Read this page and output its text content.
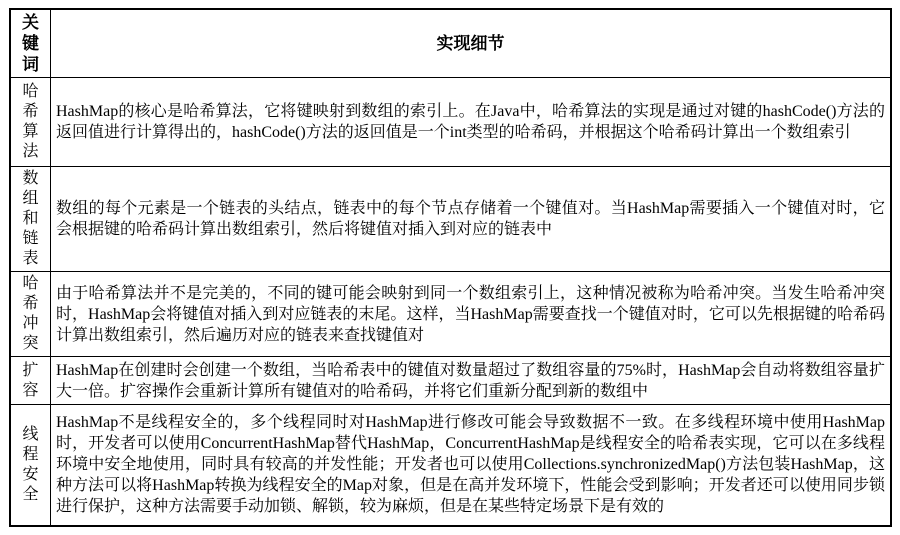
关键词	实现细节
哈希算法	HashMap的核心是哈希算法，它将键映射到数组的索引上。在Java中，哈希算法的实现是通过对键的hashCode()方法的返回值进行计算得出的，hashCode()方法的返回值是一个int类型的哈希码，并根据这个哈希码计算出一个数组索引
数组和链表	数组的每个元素是一个链表的头结点，链表中的每个节点存储着一个键值对。当HashMap需要插入一个键值对时，它会根据键的哈希码计算出数组索引，然后将键值对插入到对应的链表中
哈希冲突	由于哈希算法并不是完美的，不同的键可能会映射到同一个数组索引上，这种情况被称为哈希冲突。当发生哈希冲突时，HashMap会将键值对插入到对应链表的末尾。这样，当HashMap需要查找一个键值对时，它可以先根据键的哈希码计算出数组索引，然后遍历对应的链表来查找键值对
扩容	HashMap在创建时会创建一个数组，当哈希表中的键值对数量超过了数组容量的75%时，HashMap会自动将数组容量扩大一倍。扩容操作会重新计算所有键值对的哈希码，并将它们重新分配到新的数组中
线程安全	HashMap不是线程安全的，多个线程同时对HashMap进行修改可能会导致数据不一致。在多线程环境中使用HashMap时，开发者可以使用ConcurrentHashMap替代HashMap，ConcurrentHashMap是线程安全的哈希表实现，它可以在多线程环境中安全地使用，同时具有较高的并发性能；开发者也可以使用Collections.synchronizedMap()方法包装HashMap，这种方法可以将HashMap转换为线程安全的Map对象，但是在高并发环境下，性能会受到影响；开发者还可以使用同步锁进行保护，这种方法需要手动加锁、解锁，较为麻烦，但是在某些特定场景下是有效的
